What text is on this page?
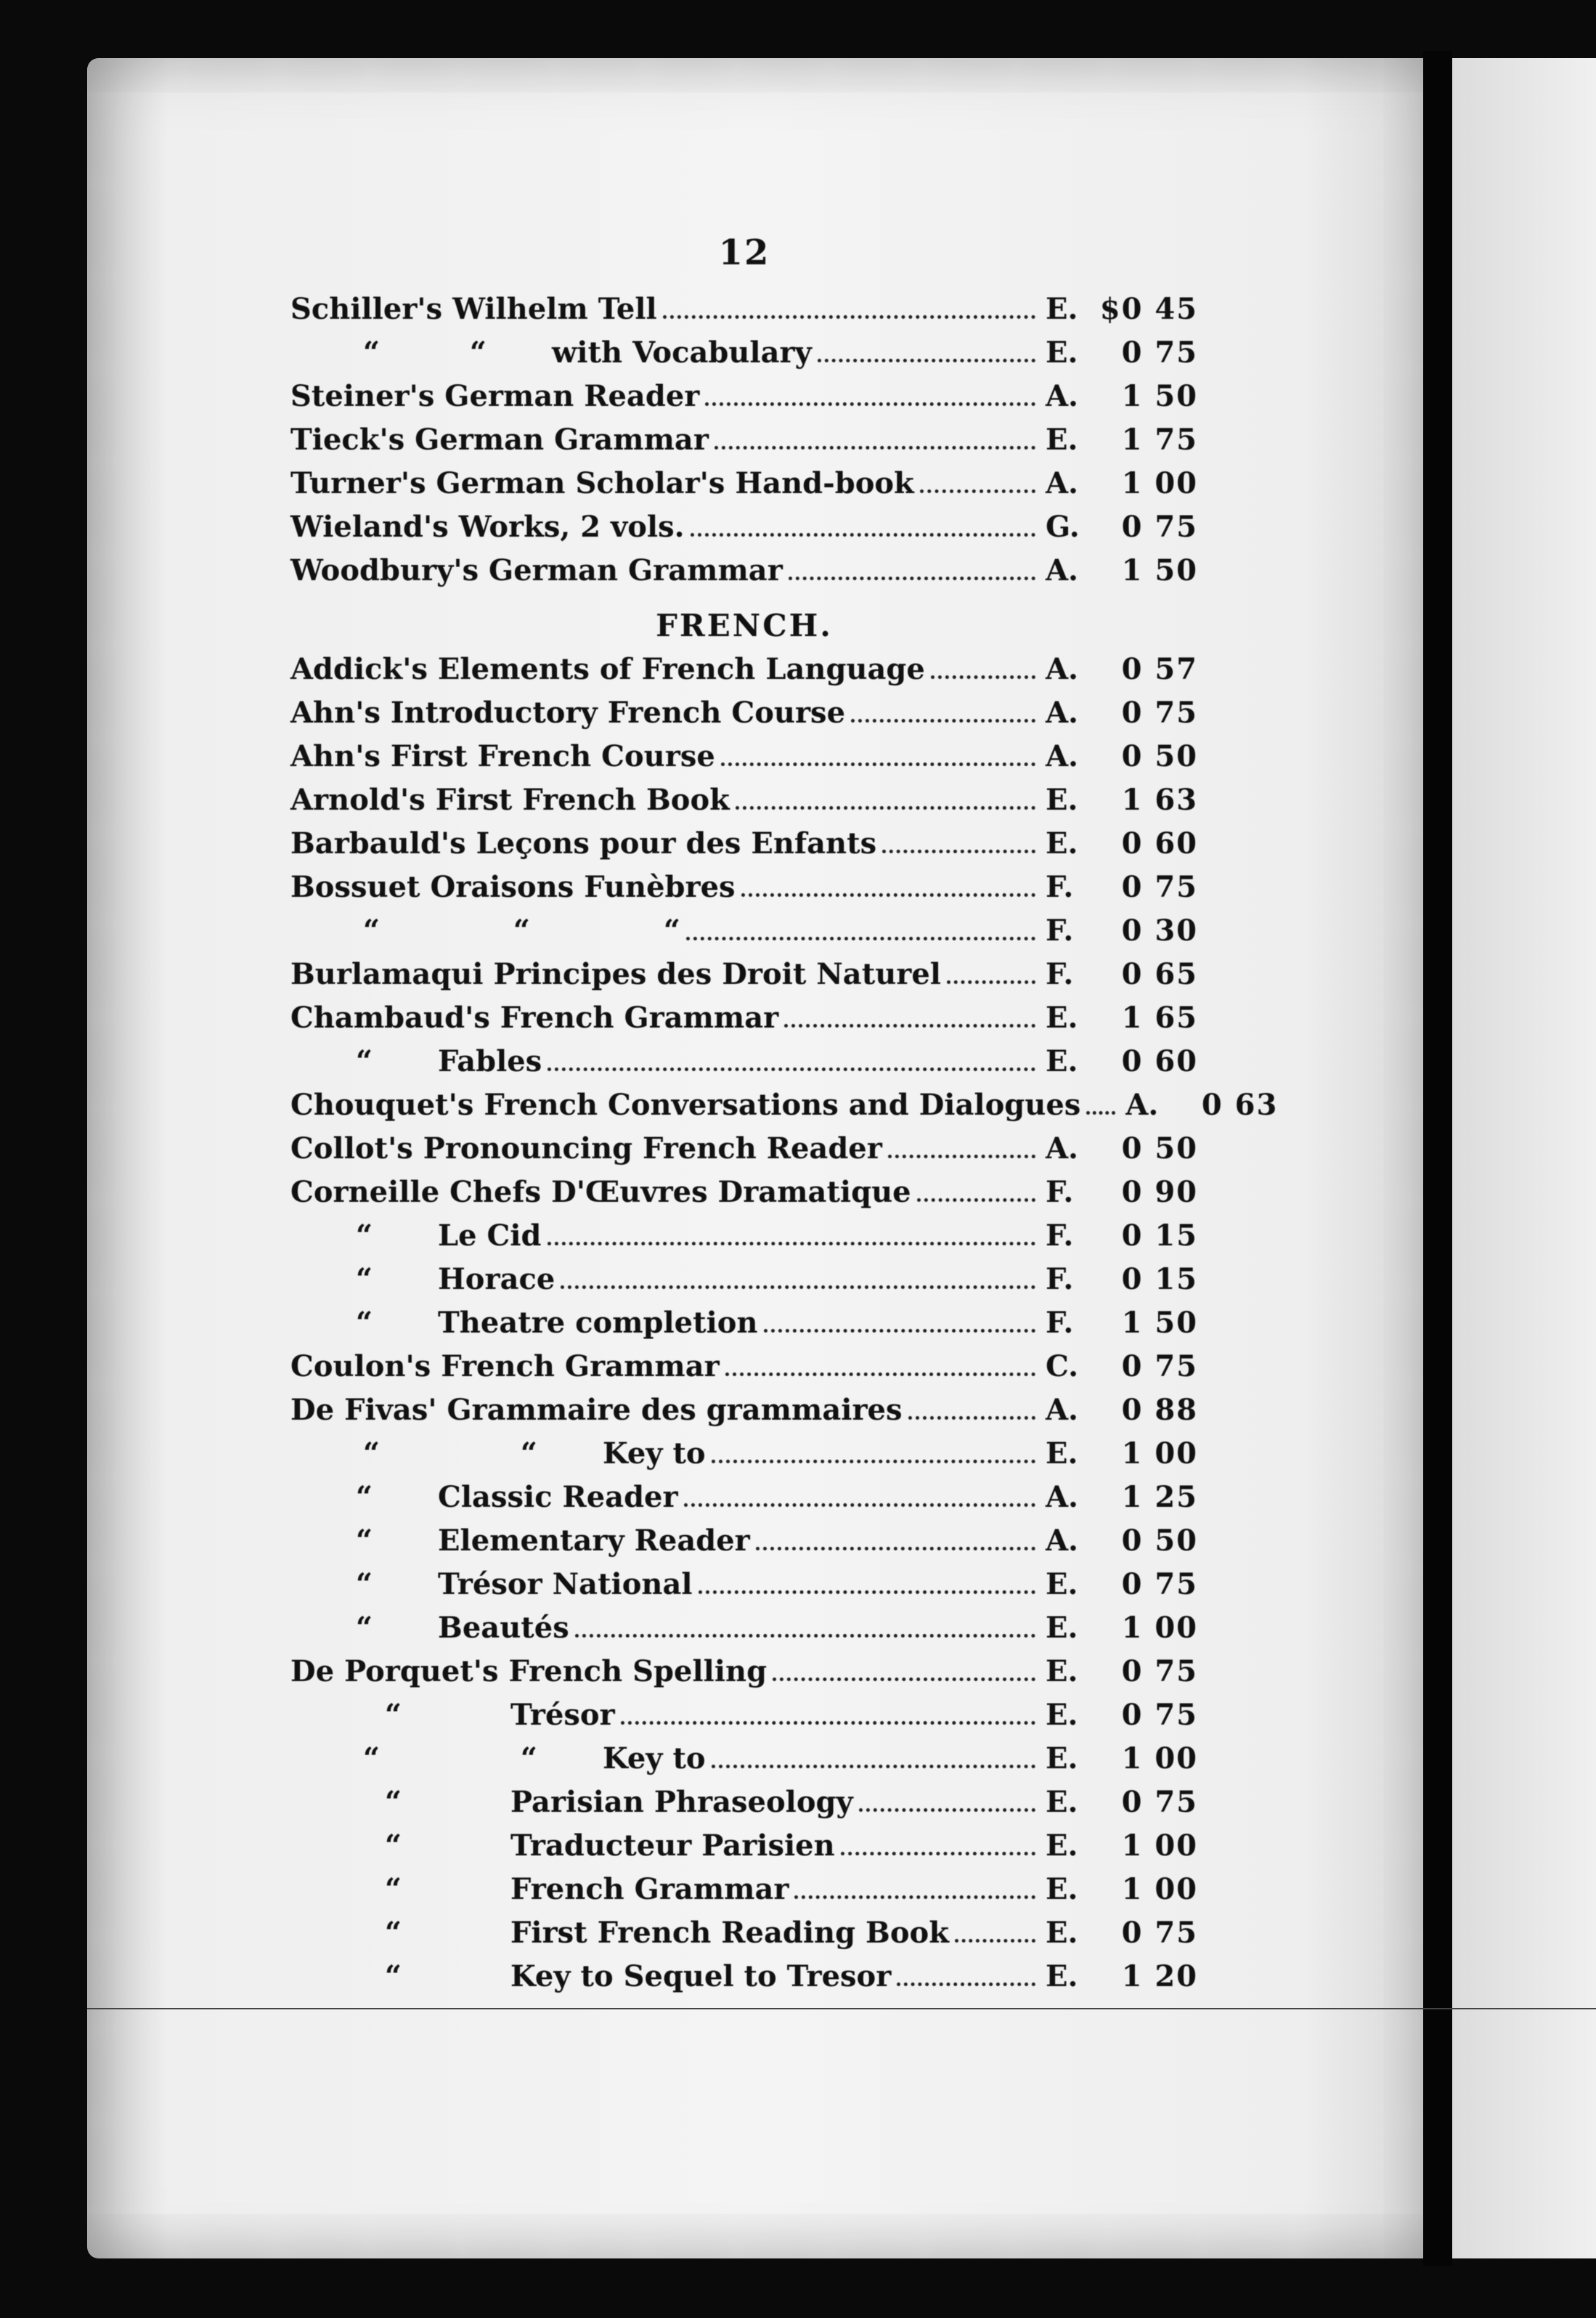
12
Schiller's Wilhelm Tell	E. $0 45
“ “ with Vocabulary	E.	0 75
Steiner's German Reader	A.	1 50
Tieck's German Grammar	E.	1 75
Turner's German Scholar's Hand-book	A.	1 00
Wieland's Works, 2 vols.	G.	0 75
Woodbury's German Grammar	A.	1 50
FRENCH.
Addick's Elements of French Language	A.	0 57
Ahn's Introductory French Course	A.	0 75
Ahn's First French Course	A.	0 50
Arnold's First French Book	E.	1 63
Barbauld's Leçons pour des Enfants	E.	0 60
Bossuet Oraisons Funèbres	F.	0 75
“ “ “	F.	0 30
Burlamaqui Principes des Droit Naturel	F.	0 65
Chambaud's French Grammar	E.	1 65
“ Fables	E.	0 60
Chouquet's French Conversations and Dialogues A.	0 63
Collot's Pronouncing French Reader	A.	0 50
Corneille Chefs D'Œuvres Dramatique	F.	0 90
“ Le Cid	F.	0 15
“ Horace	F.	0 15
“ Theatre completion	F.	1 50
Coulon's French Grammar	C.	0 75
De Fivas' Grammaire des grammaires	A.	0 88
“ “ Key to	E.	1 00
“ Classic Reader	A.	1 25
“ Elementary Reader	A.	0 50
“ Trésor National	E.	0 75
“ Beautés	E.	1 00
De Porquet's French Spelling	E.	0 75
“	Trésor	E.	0 75
“ “ Key to	E.	1 00
“	Parisian Phraseology	E.	0 75
“	Traducteur Parisien	E.	1 00
“	French Grammar	E.	1 00
“	First French Reading Book	E.	0 75
“	Key to Sequel to Tresor	E.	1 20
